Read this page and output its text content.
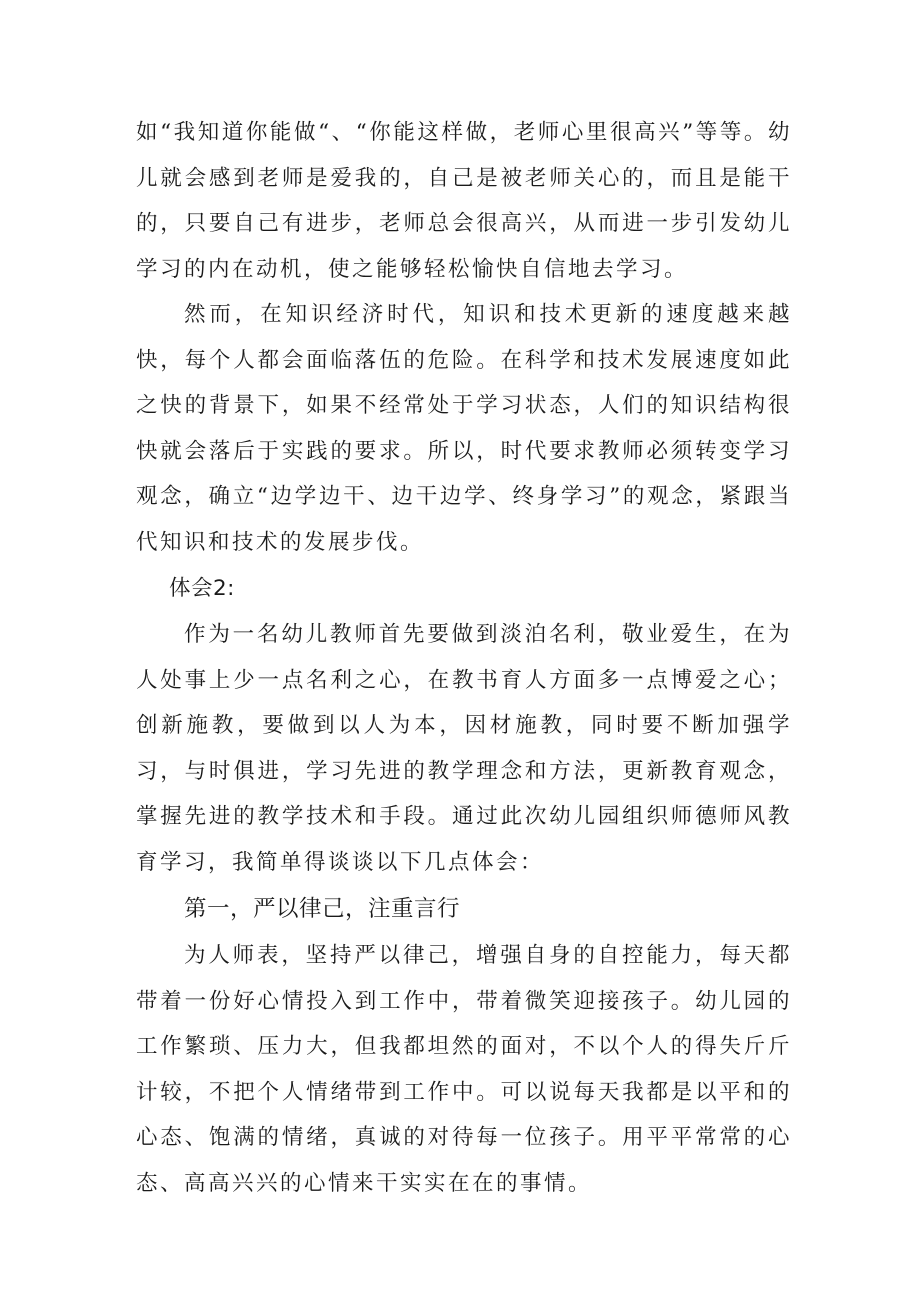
如“我知道你能做“、“你能这样做，老师心里很高兴”等等。幼儿就会感到老师是爱我的，自己是被老师关心的，而且是能干的，只要自己有进步，老师总会很高兴，从而进一步引发幼儿学习的内在动机，使之能够轻松愉快自信地去学习。

然而，在知识经济时代，知识和技术更新的速度越来越快，每个人都会面临落伍的危险。在科学和技术发展速度如此之快的背景下，如果不经常处于学习状态，人们的知识结构很快就会落后于实践的要求。所以，时代要求教师必须转变学习观念，确立“边学边干、边干边学、终身学习”的观念，紧跟当代知识和技术的发展步伐。

体会2:

作为一名幼儿教师首先要做到淡泊名利，敬业爱生，在为人处事上少一点名利之心，在教书育人方面多一点博爱之心；创新施教，要做到以人为本，因材施教，同时要不断加强学习，与时俱进，学习先进的教学理念和方法，更新教育观念，掌握先进的教学技术和手段。通过此次幼儿园组织师德师风教育学习，我简单得谈谈以下几点体会：

第一，严以律己，注重言行

为人师表，坚持严以律己，增强自身的自控能力，每天都带着一份好心情投入到工作中，带着微笑迎接孩子。幼儿园的工作繁琐、压力大，但我都坦然的面对，不以个人的得失斤斤计较，不把个人情绪带到工作中。可以说每天我都是以平和的心态、饱满的情绪，真诚的对待每一位孩子。用平平常常的心态、高高兴兴的心情来干实实在在的事情。
